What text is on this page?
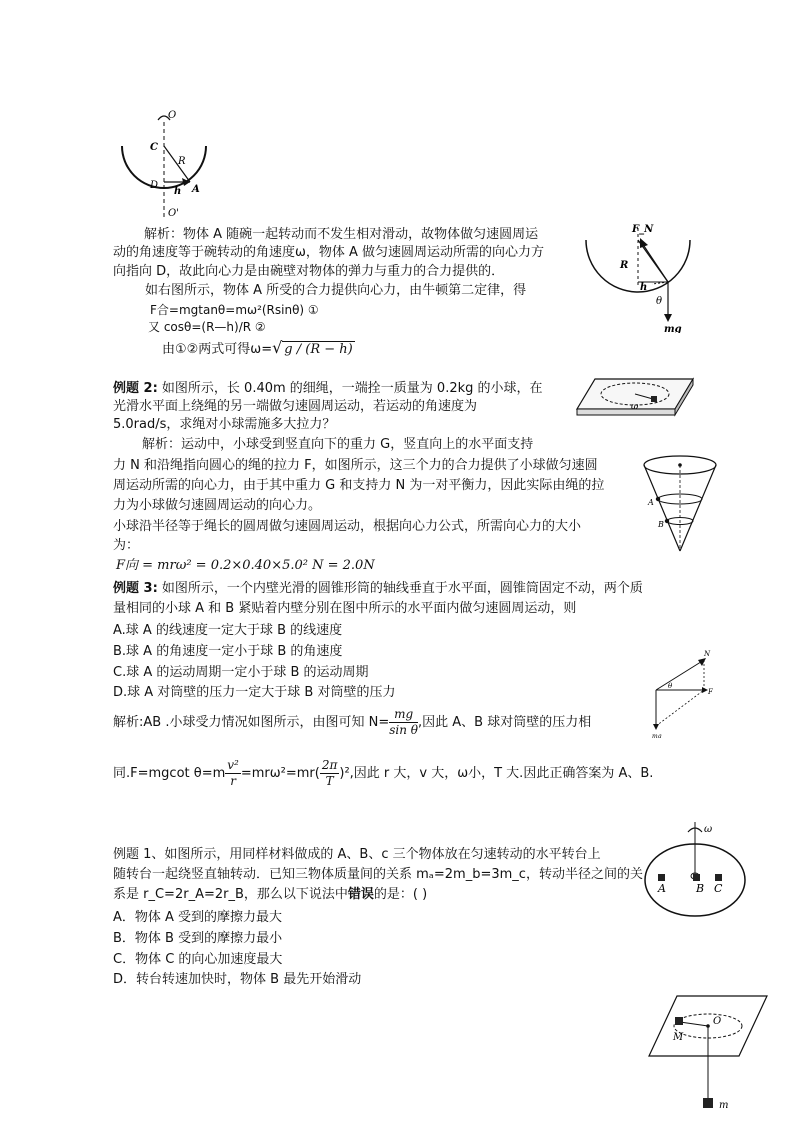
O
C
R
D	A
h
O'
F_N
R
h
θ
mg
ω
A
B
N
θ
F
mg
ω
A	B C
O
M
m
解析：物体 A 随碗一起转动而不发生相对滑动，故物体做匀速圆周运
动的角速度等于碗转动的角速度ω，物体 A 做匀速圆周运动所需的向心力方
向指向 D，故此向心力是由碗壁对物体的弹力与重力的合力提供的．
如右图所示，物体 A 所受的合力提供向心力，由牛顿第二定律，得
F合=mgtanθ=mω²(Rsinθ) ①
又 cosθ=(R—h)/R ②
由①②两式可得ω=√ g / (R − h)
例题 2: 如图所示，长 0.40m 的细绳，一端拴一质量为 0.2kg 的小球，在
光滑水平面上绕绳的另一端做匀速圆周运动，若运动的角速度为
5.0rad/s，求绳对小球需施多大拉力？
解析：运动中，小球受到竖直向下的重力 G，竖直向上的水平面支持
力 N 和沿绳指向圆心的绳的拉力 F，如图所示，这三个力的合力提供了小球做匀速圆
周运动所需的向心力，由于其中重力 G 和支持力 N 为一对平衡力，因此实际由绳的拉
力为小球做匀速圆周运动的向心力。
小球沿半径等于绳长的圆周做匀速圆周运动，根据向心力公式，所需向心力的大小
为：
F向 = mrω² = 0.2×0.40×5.0² N = 2.0N
例题 3: 如图所示，一个内壁光滑的圆锥形筒的轴线垂直于水平面，圆锥筒固定不动，两个质
量相同的小球 A 和 B 紧贴着内壁分别在图中所示的水平面内做匀速圆周运动，则
A.球 A 的线速度一定大于球 B 的线速度
B.球 A 的角速度一定小于球 B 的角速度
C.球 A 的运动周期一定小于球 B 的运动周期
D.球 A 对筒壁的压力一定大于球 B 对筒壁的压力
解析:AB .小球受力情况如图所示，由图可知 $N= \frac{mg}{\text{sin θ}}$ ,因此 A、B 球对筒壁的压力相
同.F=mgcot $\theta=m \frac{\text{v²}}{r} =mr\omega^2=mr( \frac{2\pi}{T} )^2$,因此 r 大，v 大，ω小，T 大.因此正确答案为 A、B.
例题 1、如图所示，用同样材料做成的 A、B、c 三个物体放在匀速转动的水平转台上
随转台一起绕竖直轴转动．已知三物体质量间的关系 mₐ=2m_b=3m_c，转动半径之间的关
系是 r_C=2r_A=2r_B，那么以下说法中错误的是：( )
A．物体 A 受到的摩擦力最大
B．物体 B 受到的摩擦力最小
C．物体 C 的向心加速度最大
D．转台转速加快时，物体 B 最先开始滑动
